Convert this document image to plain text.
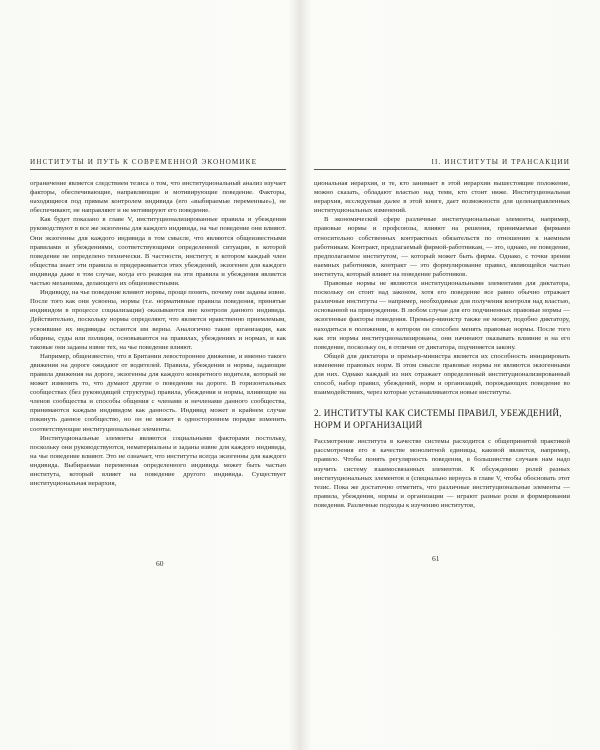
ИНСТИТУТЫ И ПУТЬ К СОВРЕМЕННОЙ ЭКОНОМИКЕ

ограничение является следствием тезиса о том, что институциональный анализ изучает факторы, обеспечивающие, направляющие и мотивирующие поведение. Факторы, находящиеся под прямым контролем индивида (его «выбираемые переменные»), не обеспечивают, не направляют и не мотивируют его поведение.

Как будет показано в главе V, институционализированные правила и убеждения руководствуют в все же экзогенны для каждого индивида, на чье поведение они влияют. Они экзогенны для каждого индивида в том смысле, что являются общеизвестными правилами и убеждениями, соответствующими определенной ситуации, в которой поведение не определено технически. В частности, институт, в котором каждый член общества знает эти правила и придерживается этих убеждений, экзогенен для каждого индивида даже в том случае, когда его реакция на эти правила и убеждения является частью механизма, делающего их общеизвестными.

Индивиду, на чье поведение влияют нормы, проще понять, почему они заданы извне. После того как они усвоены, нормы (т.е. нормативные правила поведения, принятые индивидом в процессе социализации) оказываются вне контроля данного индивида. Действительно, поскольку нормы определяют, что является нравственно приемлемым, усвоившие их индивиды остаются им верны. Аналогично такие организации, как общины, суды или полиция, основываются на правилах, убеждениях и нормах, и как таковые они заданы извне тех, на чье поведение влияют.

Например, общеизвестно, что в Британии левостороннее движение, и именно такого движения на дороге ожидают от водителей. Правила, убеждения и нормы, задающие правила движения на дороге, экзогенны для каждого конкретного водителя, который не может изменить то, что думают другие о поведении на дороге. В горизонтальных сообществах (без руководящей структуры) правила, убеждения и нормы, влияющие на членов сообщества и способы общения с членами и нечленами данного сообщества, принимаются каждым индивидом как данность. Индивид может в крайнем случае покинуть данное сообщество, но он не может в одностороннем порядке изменить соответствующие институциональные элементы.

Институциональные элементы являются социальными факторами постольку, поскольку они руководствуются, нематериальны и заданы извне для каждого индивида, на чье поведение влияют. Это не означает, что институты всегда экзогенны для каждого индивида. Выбираемая переменная определенного индивида может быть частью института, который влияет на поведение другого индивида. Существует институциональная иерархия,

60
II. ИНСТИТУТЫ И ТРАНСАКЦИИ

циональная иерархия, и те, кто занимает в этой иерархии вышестоящие положение, можно сказать, обладают властью над теми, кто стоит ниже. Институциональная иерархия, исследуемая далее в этой книге, дает возможности для целенаправленных институциональных изменений.

В экономической сфере различные институциональные элементы, например, правовые нормы и профсоюзы, влияют на решения, принимаемые фирмами относительно собственных контрактных обязательств по отношению к наемным работникам. Контракт, предлагаемый фирмой-работникам, — это, однако, не поведение, предполагаемое институтом, — который может быть фирма. Однако, с точки зрения наемных работников, контракт — это формулирование правил, являющейся частью института, который влияет на поведение работников.

Правовые нормы не являются институциональными элементами для диктатора, поскольку он стоит над законом, хотя его поведение все равно обычно отражает различные институты — например, необходимые для получения контроля над властью, основанной на принуждении. В любом случае для его подчиненных правовые нормы — экзогенные факторы поведения. Премьер-министр также не может, подобно диктатору, находиться в положении, в котором он способен менять правовые нормы. После того как эти нормы институционализированы, они начинают оказывать влияние и на его поведение, поскольку он, в отличие от диктатора, подчиняется закону.

Общей для диктатора и премьер-министра является их способность инициировать изменение правовых норм. В этом смысле правовые нормы не являются экзогенными для них. Однако каждый из них отражает определенный институционализированный способ, набор правил, убеждений, норм и организаций, порождающих поведение во взаимодействиях, через которые устанавливаются новые институты.

2. ИНСТИТУТЫ КАК СИСТЕМЫ ПРАВИЛ, УБЕЖДЕНИЙ, НОРМ И ОРГАНИЗАЦИЙ

Рассмотрение института в качестве системы расходится с общепринятой практикой рассмотрения его в качестве монолитной единицы, каковой является, например, правило. Чтобы понять регулярность поведения, в большинстве случаев нам надо изучить систему взаимосвязанных элементов. К обсуждению ролей разных институциональных элементов я (специально вернусь в главе V, чтобы обосновать этот тезис. Пока же достаточно отметить, что различные институциональные элементы — правила, убеждения, нормы и организации — играют разные роли в формировании поведения. Различные подходы к изучению институтов,

61
